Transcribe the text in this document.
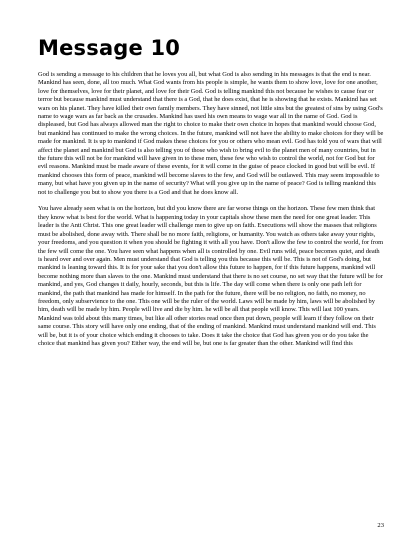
Message 10

God is sending a message to his children that he loves you all, but what God is also sending in his messages is that the end is near. Mankind has seen, done, all too much. What God wants from his people is simple, he wants them to show love, love for one another, love for themselves, love for their planet, and love for their God. God is telling mankind this not because he wishes to cause fear or terror but because mankind must understand that there is a God, that he does exist, that he is showing that he exists. Mankind has set wars on his planet. They have killed their own family members. They have sinned, not little sins but the greatest of sins by using God's name to wage wars as far back as the crusades. Mankind has used his own means to wage war all in the name of God. God is displeased, but God has always allowed man the right to choice to make their own choice in hopes that mankind would choose God, but mankind has continued to make the wrong choices. In the future, mankind will not have the ability to make choices for they will be made for mankind. It is up to mankind if God makes these choices for you or others who mean evil. God has told you of wars that will affect the planet and mankind but God is also telling you of those who wish to bring evil to the planet men of many countries, but in the future this will not be for mankind will have given in to these men, these few who wish to control the world, not for God but for evil reasons. Mankind must be made aware of these events, for it will come in the guise of peace clocked in good but will be evil. If mankind chooses this form of peace, mankind will become slaves to the few, and God will be outlawed. This may seem impossible to many, but what have you given up in the name of security? What will you give up in the name of peace? God is telling mankind this not to challenge you but to show you there is a God and that he does know all.

You have already seen what is on the horizon, but did you know there are far worse things on the horizon. These few men think that they know what is best for the world. What is happening today in your capitals show these men the need for one great leader. This leader is the Anti Christ. This one great leader will challenge men to give up on faith. Executions will show the masses that religions must be abolished, done away with. There shall be no more faith, religions, or humanity. You watch as others take away your rights, your freedoms, and you question it when you should be fighting it with all you have. Don't allow the few to control the world, for from the few will come the one. You have seen what happens when all is controlled by one. Evil runs wild, peace becomes quiet, and death is heard over and over again. Men must understand that God is telling you this because this will be. This is not of God's doing, but mankind is leaning toward this. It is for your sake that you don't allow this future to happen, for if this future happens, mankind will become nothing more than slaves to the one. Mankind must understand that there is no set course, no set way that the future will be for mankind, and yes, God changes it daily, hourly, seconds, but this is life. The day will come when there is only one path left for mankind, the path that mankind has made for himself. In the path for the future, there will be no religion, no faith, no money, no freedom, only subservience to the one. This one will be the ruler of the world. Laws will be made by him, laws will be abolished by him, death will be made by him. People will live and die by him. he will be all that people will know. This will last 100 years. Mankind was told about this many times, but like all other stories read once then put down, people will learn if they follow on their same course. This story will have only one ending, that of the ending of mankind. Mankind must understand mankind will end. This will be, but it is of your choice which ending it chooses to take. Does it take the choice that God has given you or do you take the choice that mankind has given you? Either way, the end will be, but one is far greater than the other. Mankind will find this

23
